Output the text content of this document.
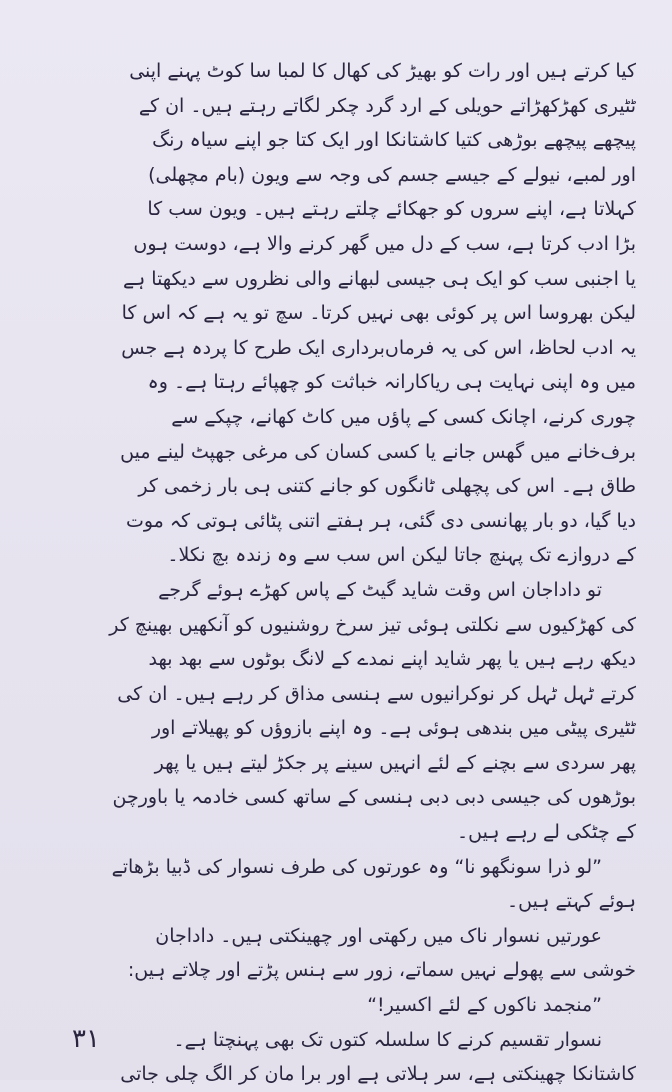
کیا کرتے ہیں اور رات کو بھیڑ کی کھال کا لمبا سا کوٹ پہنے اپنی
ٹٹیری کھڑکھڑاتے حویلی کے ارد گرد چکر لگاتے رہتے ہیں۔ ان کے
پیچھے پیچھے بوڑھی کتیا کاشتانکا اور ایک کتا جو اپنے سیاہ رنگ
اور لمبے، نیولے کے جیسے جسم کی وجہ سے ویون (بام مچھلی)
کہلاتا ہے، اپنے سروں کو جھکائے چلتے رہتے ہیں۔ ویون سب کا
بڑا ادب کرتا ہے، سب کے دل میں گھر کرنے والا ہے، دوست ہوں
یا اجنبی سب کو ایک ہی جیسی لبھانے والی نظروں سے دیکھتا ہے
لیکن بھروسا اس پر کوئی بھی نہیں کرتا۔ سچ تو یہ ہے کہ اس کا
یہ ادب لحاظ، اس کی یہ فرماں‌برداری ایک طرح کا پردہ ہے جس
میں وہ اپنی نہایت ہی ریاکارانہ خباثت کو چھپائے رہتا ہے۔ وہ
چوری کرنے، اچانک کسی کے پاؤں میں کاٹ کھانے، چپکے سے
برف‌خانے میں گھس جانے یا کسی کسان کی مرغی جھپٹ لینے میں
طاق ہے۔ اس کی پچھلی ٹانگوں کو جانے کتنی ہی بار زخمی کر
دیا گیا، دو بار پھانسی دی گئی، ہر ہفتے اتنی پٹائی ہوتی کہ موت
کے دروازے تک پہنچ جاتا لیکن اس سب سے وہ زندہ بچ نکلا۔
تو داداجان اس وقت شاید گیٹ کے پاس کھڑے ہوئے گرجے
کی کھڑکیوں سے نکلتی ہوئی تیز سرخ روشنیوں کو آنکھیں بھینچ کر
دیکھ رہے ہیں یا پھر شاید اپنے نمدے کے لانگ بوٹوں سے بھد بھد
کرتے ٹہل ٹہل کر نوکرانیوں سے ہنسی مذاق کر رہے ہیں۔ ان کی
ٹٹیری پیٹی میں بندھی ہوئی ہے۔ وہ اپنے بازوؤں کو پھیلاتے اور
پھر سردی سے بچنے کے لئے انہیں سینے پر جکڑ لیتے ہیں یا پھر
بوڑھوں کی جیسی دبی دبی ہنسی کے ساتھ کسی خادمہ یا باورچن
کے چٹکی لے رہے ہیں۔
”لو ذرا سونگھو نا“ وہ عورتوں کی طرف نسوار کی ڈبیا بڑھاتے
ہوئے کہتے ہیں۔
عورتیں نسوار ناک میں رکھتی اور چھینکتی ہیں۔ داداجان
خوشی سے پھولے نہیں سماتے، زور سے ہنس پڑتے اور چلاتے ہیں:
”منجمد ناکوں کے لئے اکسیر!“
نسوار تقسیم کرنے کا سلسلہ کتوں تک بھی پہنچتا ہے۔
کاشتانکا چھینکتی ہے، سر ہلاتی ہے اور برا مان کر الگ چلی جاتی
۳۱
